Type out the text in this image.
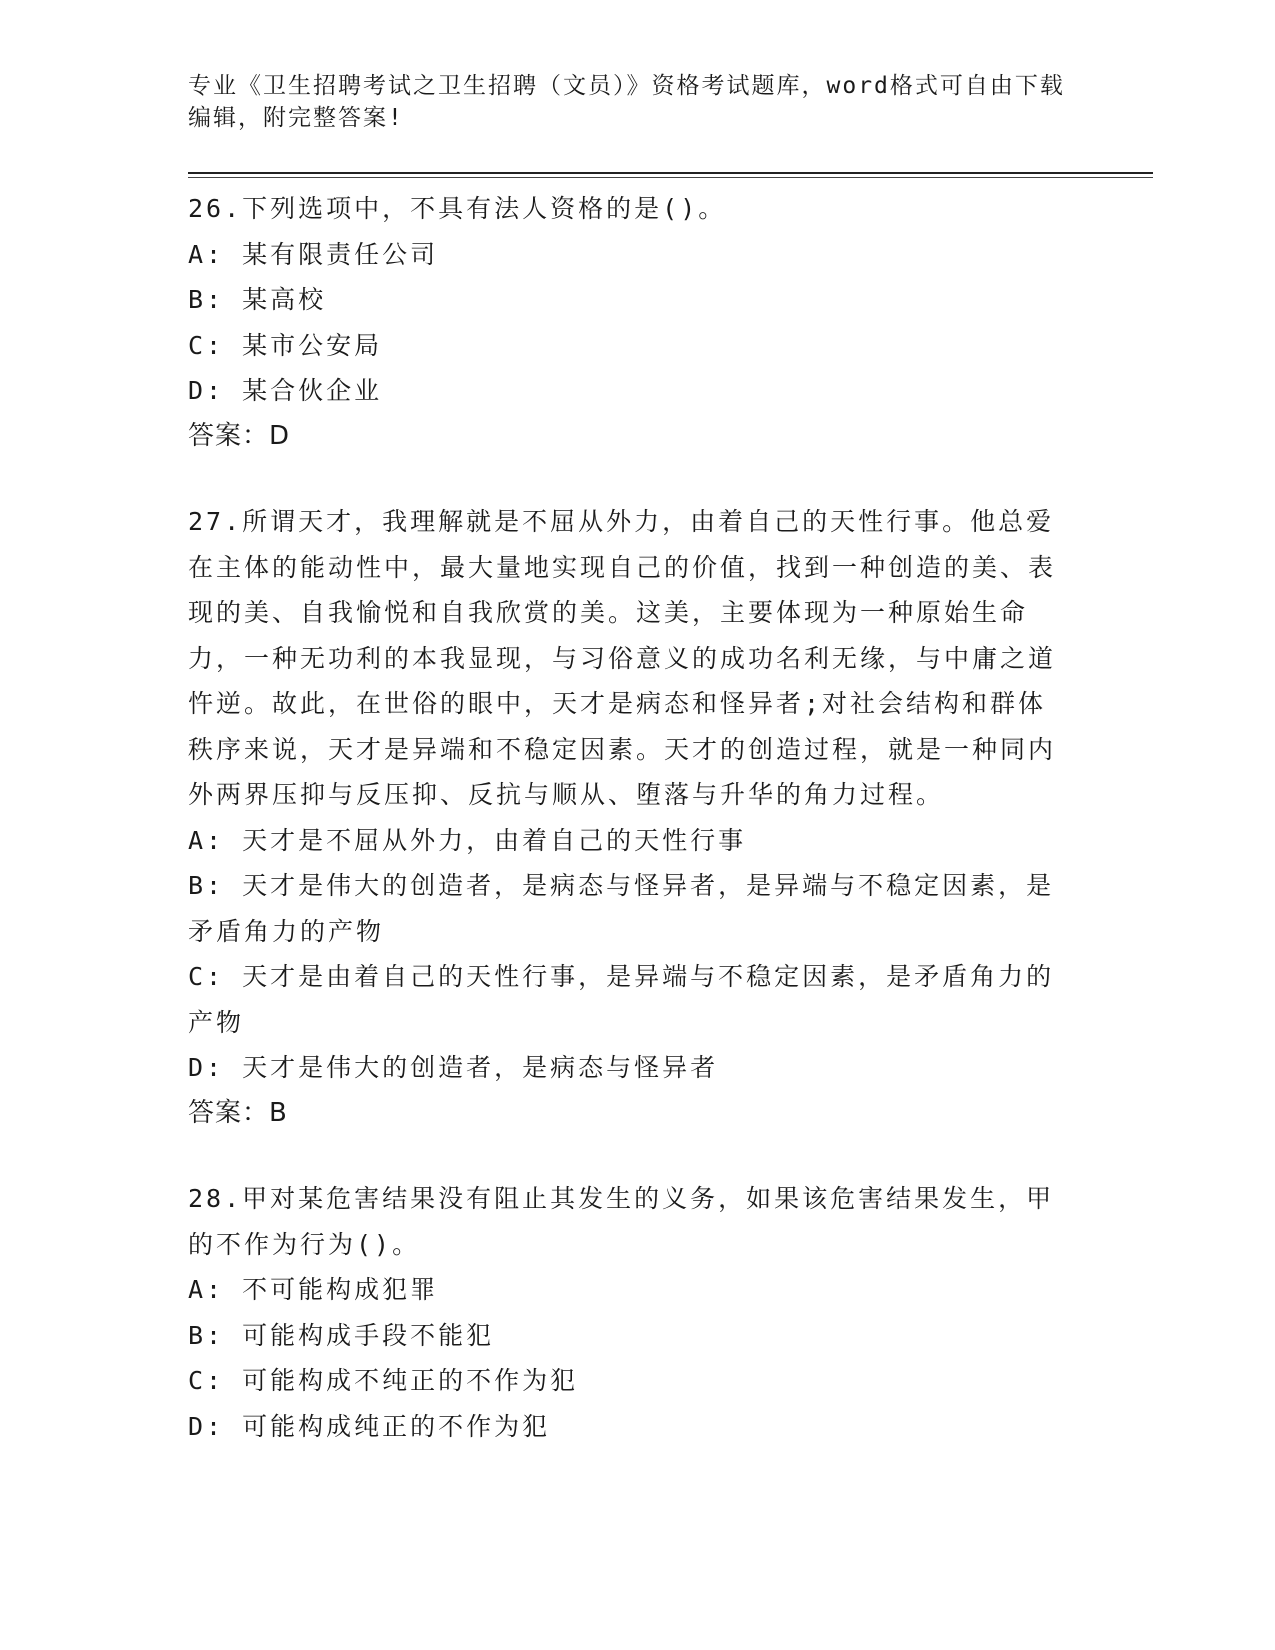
专业《卫生招聘考试之卫生招聘（文员）》资格考试题库，word格式可自由下载编辑，附完整答案!

26.下列选项中，不具有法人资格的是()。

A: 某有限责任公司

B: 某高校

C: 某市公安局

D: 某合伙企业

答案：D

27.所谓天才，我理解就是不屈从外力，由着自己的天性行事。他总爱在主体的能动性中，最大量地实现自己的价值，找到一种创造的美、表现的美、自我愉悦和自我欣赏的美。这美，主要体现为一种原始生命力，一种无功利的本我显现，与习俗意义的成功名利无缘，与中庸之道忤逆。故此，在世俗的眼中，天才是病态和怪异者;对社会结构和群体秩序来说，天才是异端和不稳定因素。天才的创造过程，就是一种同内外两界压抑与反压抑、反抗与顺从、堕落与升华的角力过程。

A: 天才是不屈从外力，由着自己的天性行事

B: 天才是伟大的创造者，是病态与怪异者，是异端与不稳定因素，是矛盾角力的产物

C: 天才是由着自己的天性行事，是异端与不稳定因素，是矛盾角力的产物

D: 天才是伟大的创造者，是病态与怪异者

答案：B

28.甲对某危害结果没有阻止其发生的义务，如果该危害结果发生，甲的不作为行为()。

A: 不可能构成犯罪

B: 可能构成手段不能犯

C: 可能构成不纯正的不作为犯

D: 可能构成纯正的不作为犯
